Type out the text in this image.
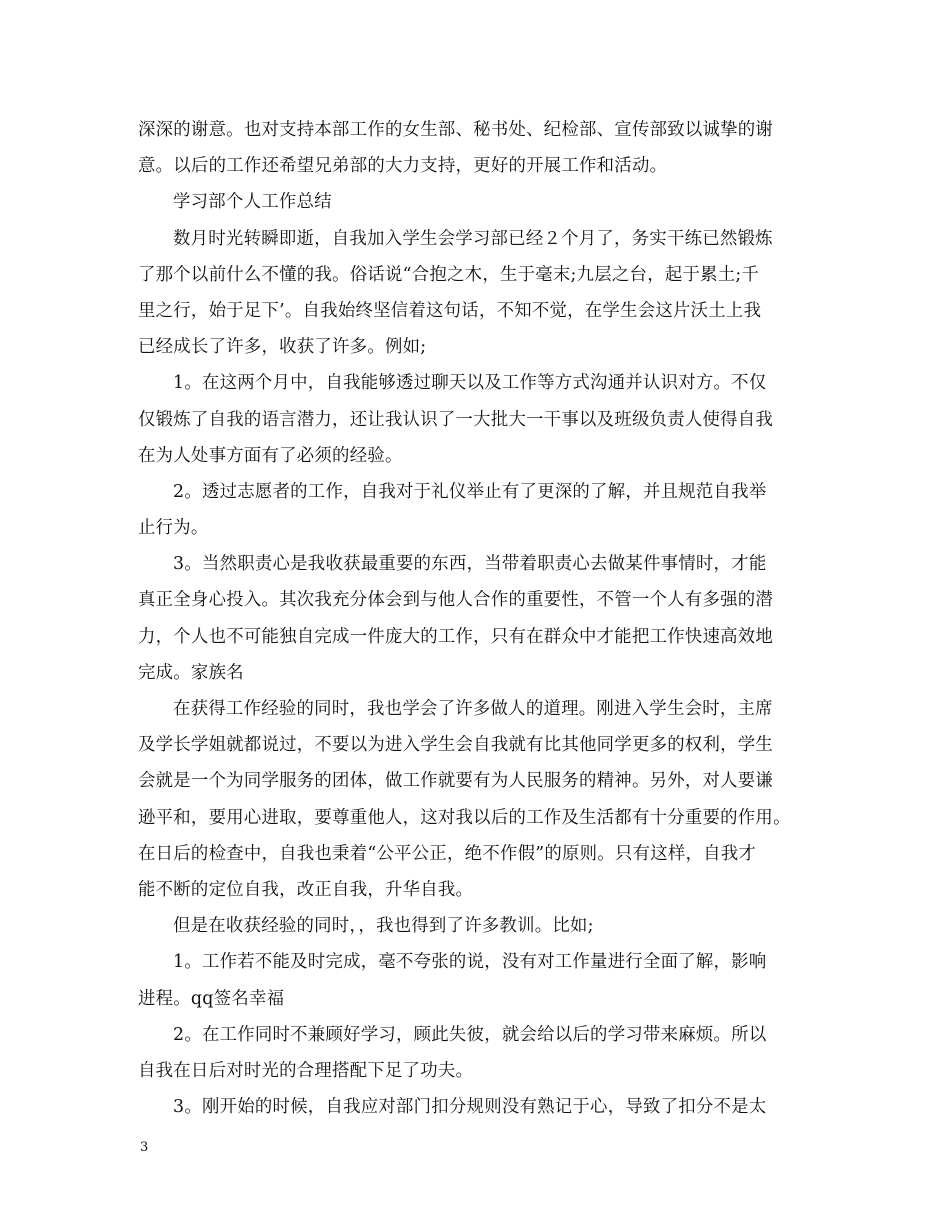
深深的谢意。也对支持本部工作的女生部、秘书处、纪检部、宣传部致以诚挚的谢
意。以后的工作还希望兄弟部的大力支持，更好的开展工作和活动。
学习部个人工作总结
数月时光转瞬即逝，自我加入学生会学习部已经２个月了，务实干练已然锻炼
了那个以前什么不懂的我。俗话说“合抱之木，生于毫末;九层之台，起于累土;千
里之行，始于足下’。自我始终坚信着这句话，不知不觉，在学生会这片沃土上我
已经成长了许多，收获了许多。例如;
1。在这两个月中，自我能够透过聊天以及工作等方式沟通并认识对方。不仅
仅锻炼了自我的语言潜力，还让我认识了一大批大一干事以及班级负责人使得自我
在为人处事方面有了必须的经验。
2。透过志愿者的工作，自我对于礼仪举止有了更深的了解，并且规范自我举
止行为。
3。当然职责心是我收获最重要的东西，当带着职责心去做某件事情时，才能
真正全身心投入。其次我充分体会到与他人合作的重要性，不管一个人有多强的潜
力，个人也不可能独自完成一件庞大的工作，只有在群众中才能把工作快速高效地
完成。家族名
在获得工作经验的同时，我也学会了许多做人的道理。刚进入学生会时，主席
及学长学姐就都说过，不要以为进入学生会自我就有比其他同学更多的权利，学生
会就是一个为同学服务的团体，做工作就要有为人民服务的精神。另外，对人要谦
逊平和，要用心进取，要尊重他人，这对我以后的工作及生活都有十分重要的作用。
在日后的检查中，自我也秉着“公平公正，绝不作假”的原则。只有这样，自我才
能不断的定位自我，改正自我，升华自我。
但是在收获经验的同时，，我也得到了许多教训。比如;
1。工作若不能及时完成，毫不夸张的说，没有对工作量进行全面了解，影响
进程。qq签名幸福
2。在工作同时不兼顾好学习，顾此失彼，就会给以后的学习带来麻烦。所以
自我在日后对时光的合理搭配下足了功夫。
3。刚开始的时候，自我应对部门扣分规则没有熟记于心，导致了扣分不是太
3
